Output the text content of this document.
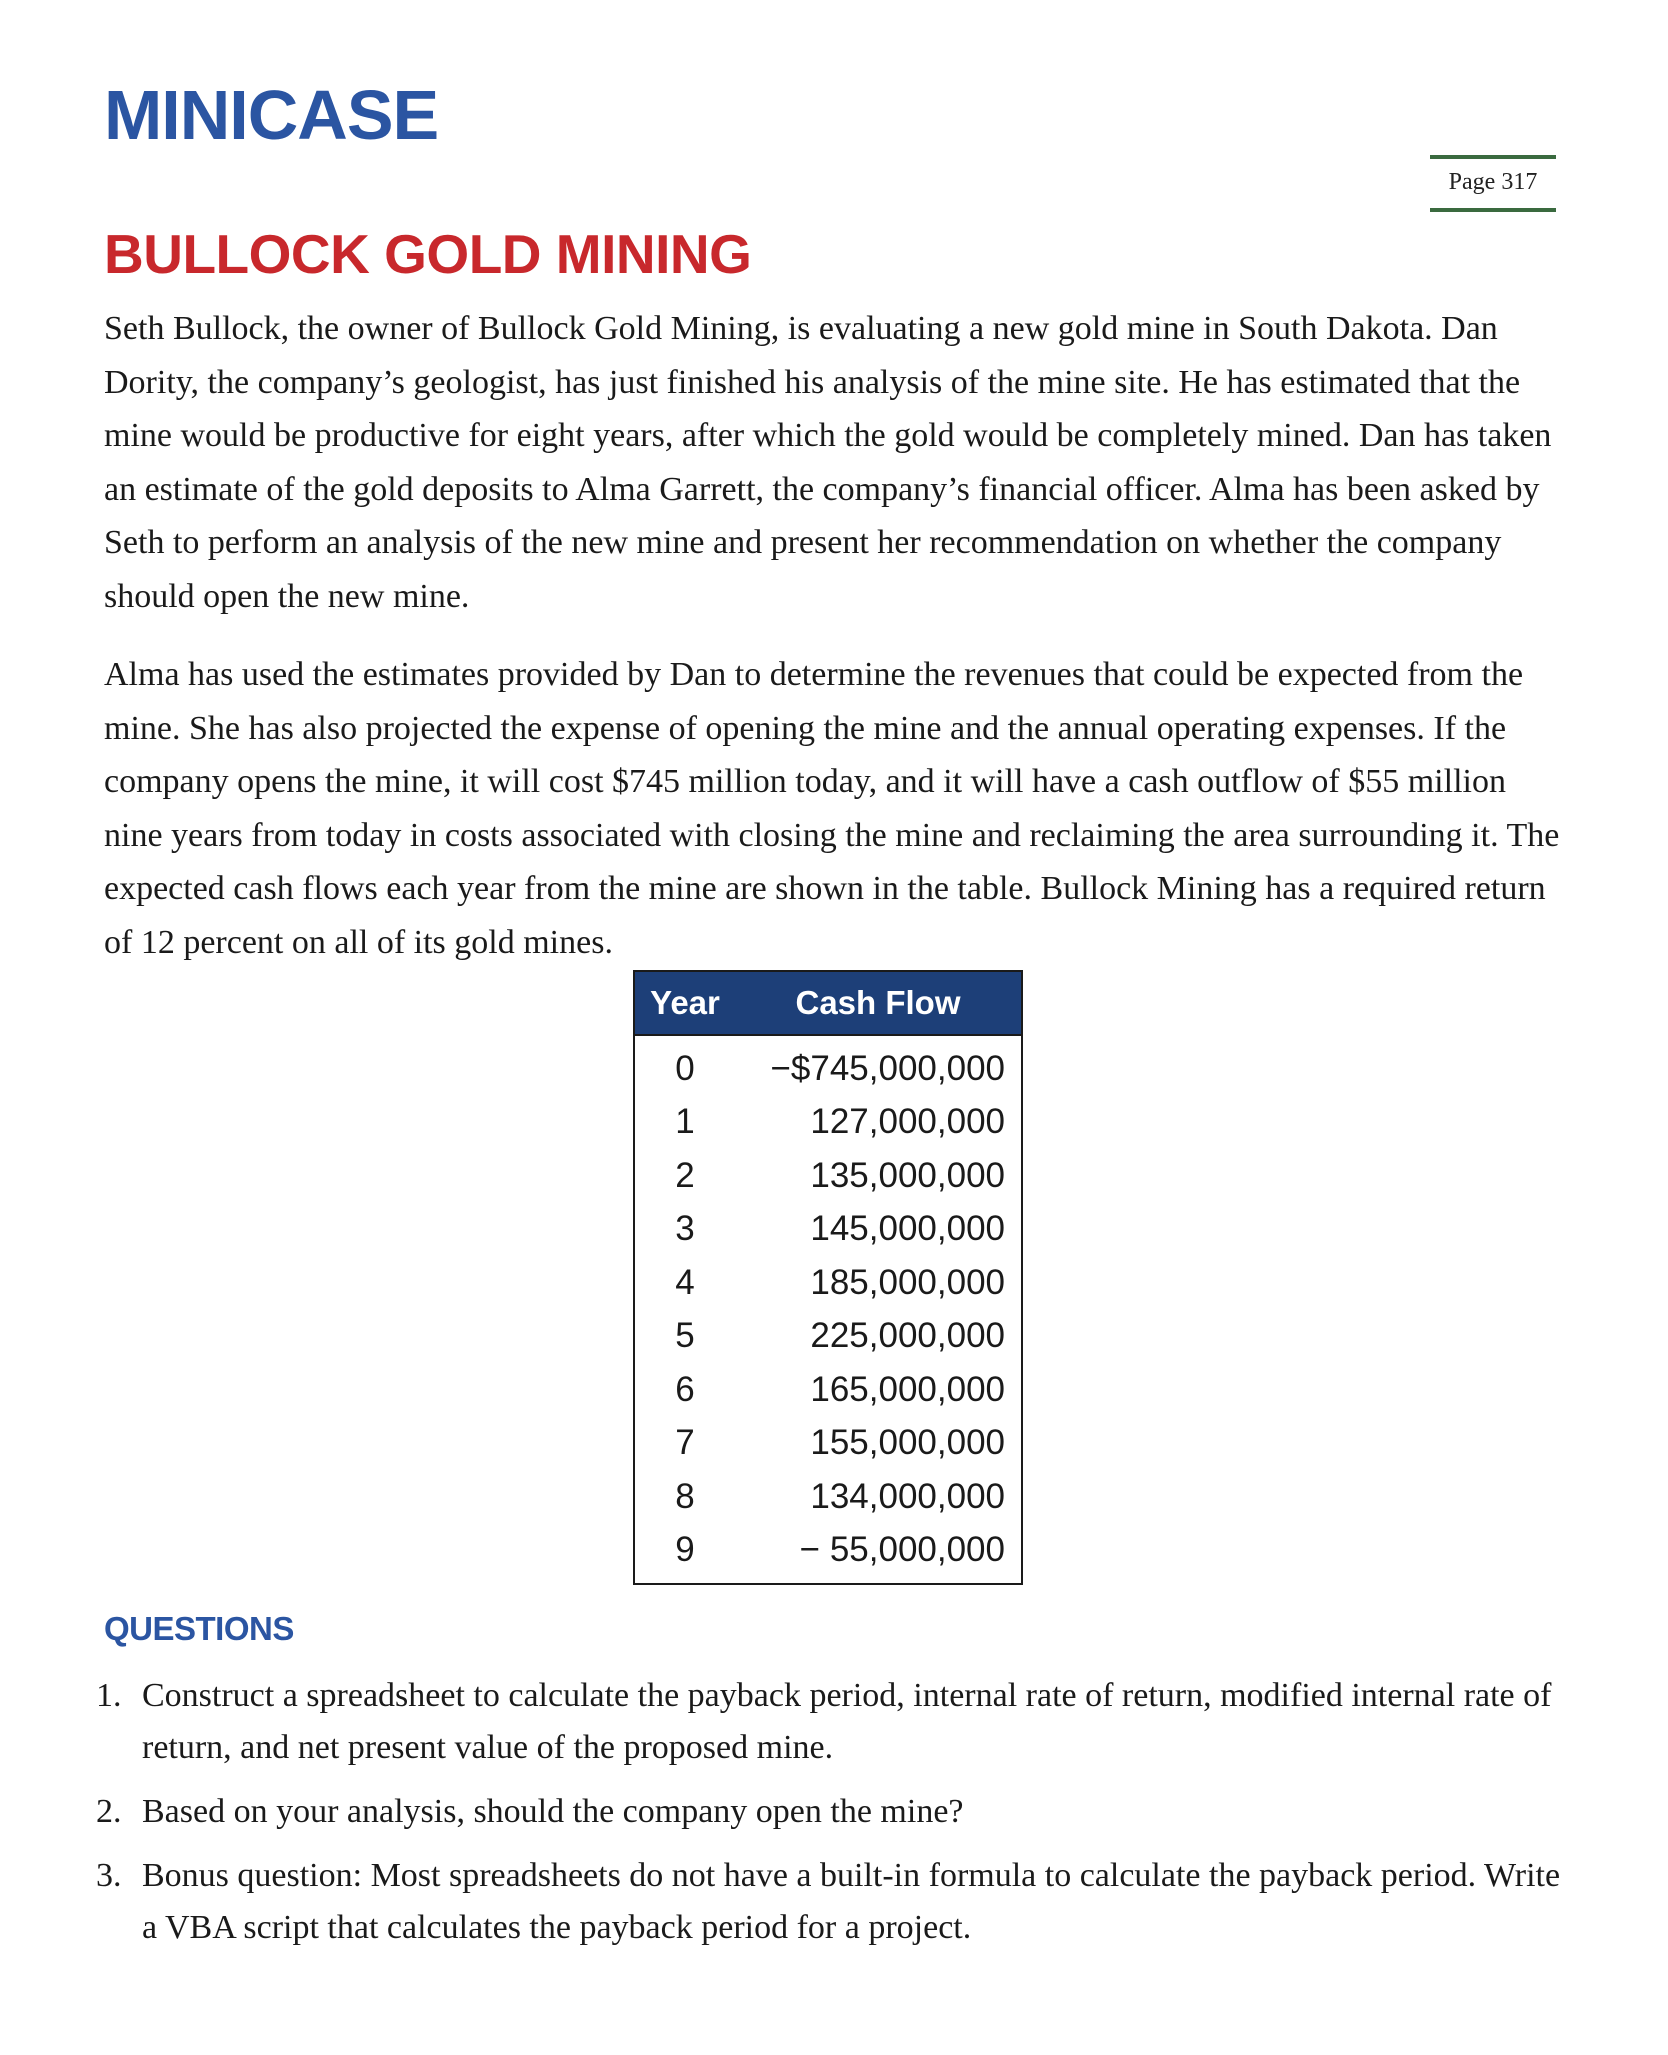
MINICASE
Page 317
BULLOCK GOLD MINING

Seth Bullock, the owner of Bullock Gold Mining, is evaluating a new gold mine in South Dakota. Dan Dority, the company’s geologist, has just finished his analysis of the mine site. He has estimated that the mine would be productive for eight years, after which the gold would be completely mined. Dan has taken an estimate of the gold deposits to Alma Garrett, the company’s financial officer. Alma has been asked by Seth to perform an analysis of the new mine and present her recommendation on whether the company should open the new mine.

Alma has used the estimates provided by Dan to determine the revenues that could be expected from the mine. She has also projected the expense of opening the mine and the annual operating expenses. If the company opens the mine, it will cost $745 million today, and it will have a cash outflow of $55 million nine years from today in costs associated with closing the mine and reclaiming the area surrounding it. The expected cash flows each year from the mine are shown in the table. Bullock Mining has a required return of 12 percent on all of its gold mines.

Year	Cash Flow
0	−$745,000,000
1	127,000,000
2	135,000,000
3	145,000,000
4	185,000,000
5	225,000,000
6	165,000,000
7	155,000,000
8	134,000,000
9	− 55,000,000
QUESTIONS
1. Construct a spreadsheet to calculate the payback period, internal rate of return, modified internal rate of return, and net present value of the proposed mine.
2. Based on your analysis, should the company open the mine?
3. Bonus question: Most spreadsheets do not have a built-in formula to calculate the payback period. Write a VBA script that calculates the payback period for a project.
